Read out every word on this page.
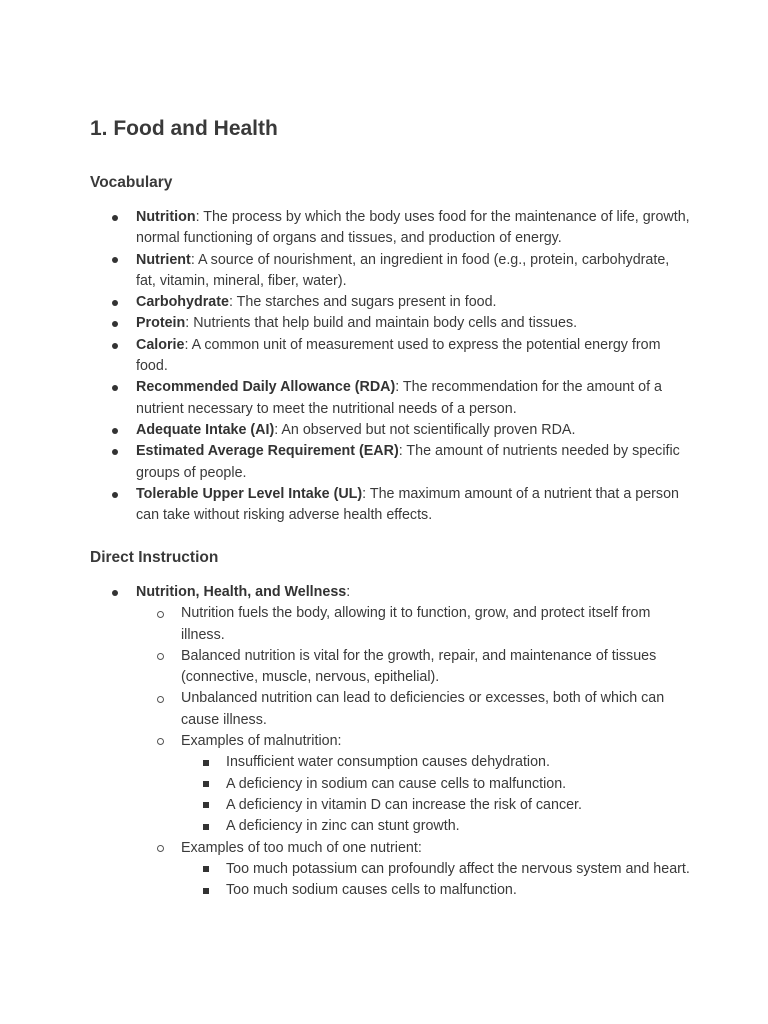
1. Food and Health
Vocabulary
Nutrition: The process by which the body uses food for the maintenance of life, growth, normal functioning of organs and tissues, and production of energy.
Nutrient: A source of nourishment, an ingredient in food (e.g., protein, carbohydrate, fat, vitamin, mineral, fiber, water).
Carbohydrate: The starches and sugars present in food.
Protein: Nutrients that help build and maintain body cells and tissues.
Calorie: A common unit of measurement used to express the potential energy from food.
Recommended Daily Allowance (RDA): The recommendation for the amount of a nutrient necessary to meet the nutritional needs of a person.
Adequate Intake (AI): An observed but not scientifically proven RDA.
Estimated Average Requirement (EAR): The amount of nutrients needed by specific groups of people.
Tolerable Upper Level Intake (UL): The maximum amount of a nutrient that a person can take without risking adverse health effects.
Direct Instruction
Nutrition, Health, and Wellness:
Nutrition fuels the body, allowing it to function, grow, and protect itself from illness.
Balanced nutrition is vital for the growth, repair, and maintenance of tissues (connective, muscle, nervous, epithelial).
Unbalanced nutrition can lead to deficiencies or excesses, both of which can cause illness.
Examples of malnutrition:
Insufficient water consumption causes dehydration.
A deficiency in sodium can cause cells to malfunction.
A deficiency in vitamin D can increase the risk of cancer.
A deficiency in zinc can stunt growth.
Examples of too much of one nutrient:
Too much potassium can profoundly affect the nervous system and heart.
Too much sodium causes cells to malfunction.
